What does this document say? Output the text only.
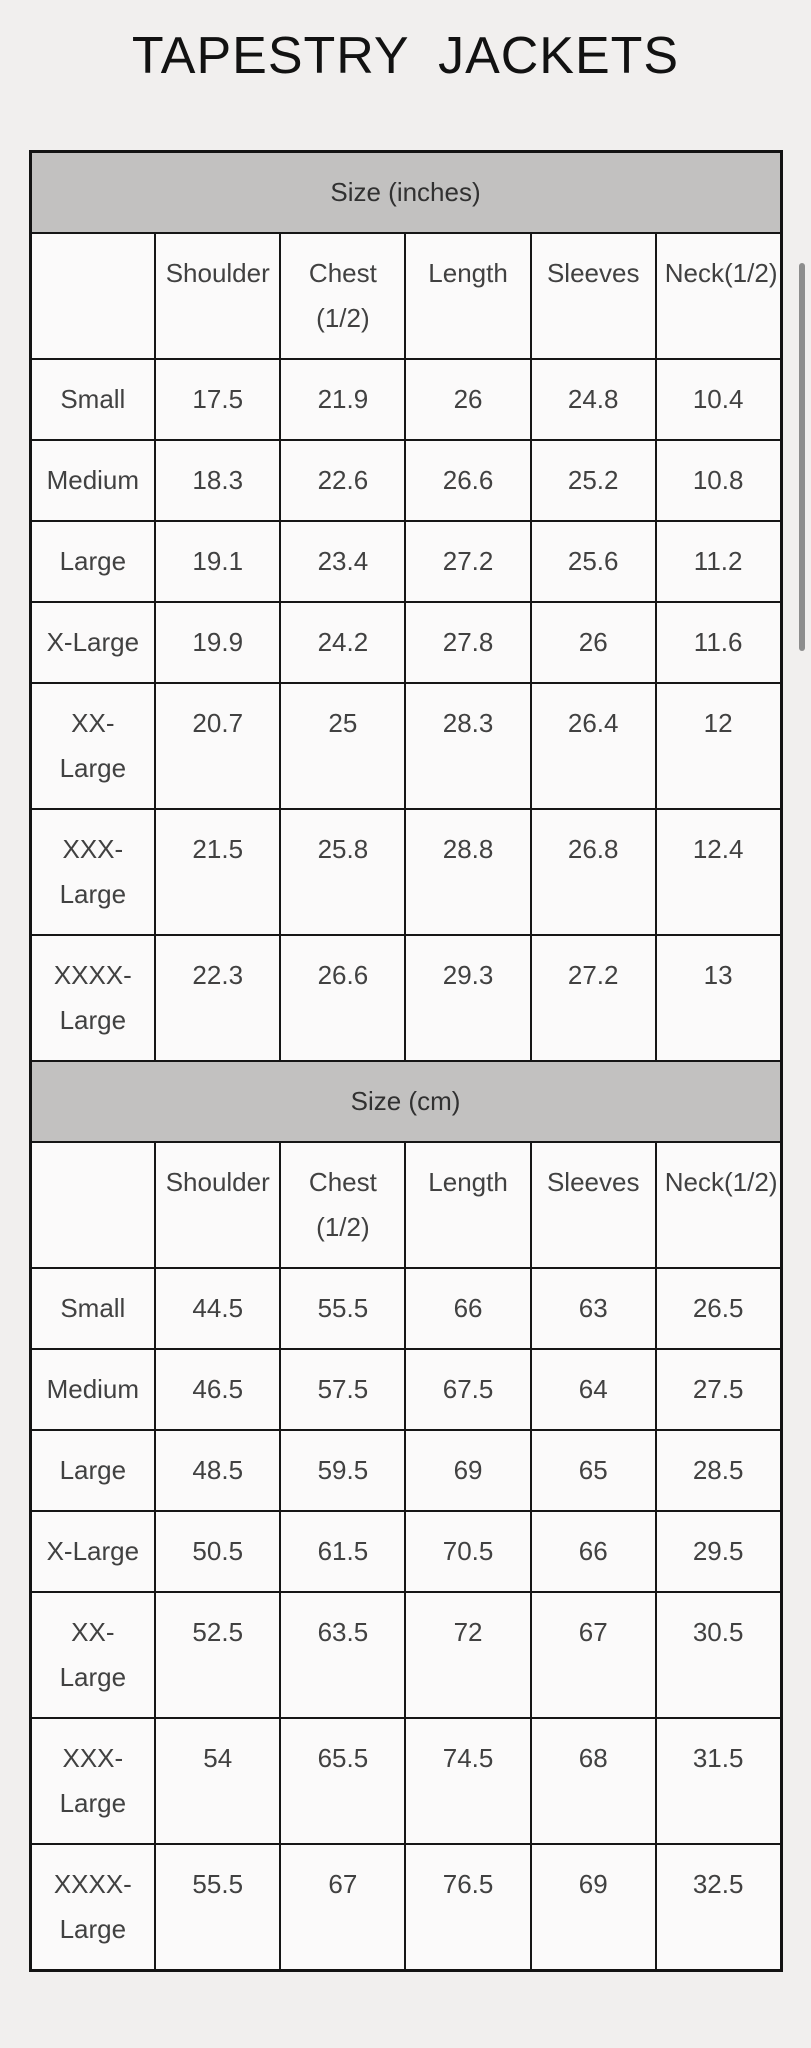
TAPESTRY JACKETS
Size (inches)					
	Shoulder	Chest (1/2)	Length	Sleeves	Neck(1/2)
Small	17.5	21.9	26	24.8	10.4
Medium	18.3	22.6	26.6	25.2	10.8
Large	19.1	23.4	27.2	25.6	11.2
X-Large	19.9	24.2	27.8	26	11.6
XX-Large	20.7	25	28.3	26.4	12
XXX-Large	21.5	25.8	28.8	26.8	12.4
XXXX-Large	22.3	26.6	29.3	27.2	13
Size (cm)					
	Shoulder	Chest (1/2)	Length	Sleeves	Neck(1/2)
Small	44.5	55.5	66	63	26.5
Medium	46.5	57.5	67.5	64	27.5
Large	48.5	59.5	69	65	28.5
X-Large	50.5	61.5	70.5	66	29.5
XX-Large	52.5	63.5	72	67	30.5
XXX-Large	54	65.5	74.5	68	31.5
XXXX-Large	55.5	67	76.5	69	32.5
